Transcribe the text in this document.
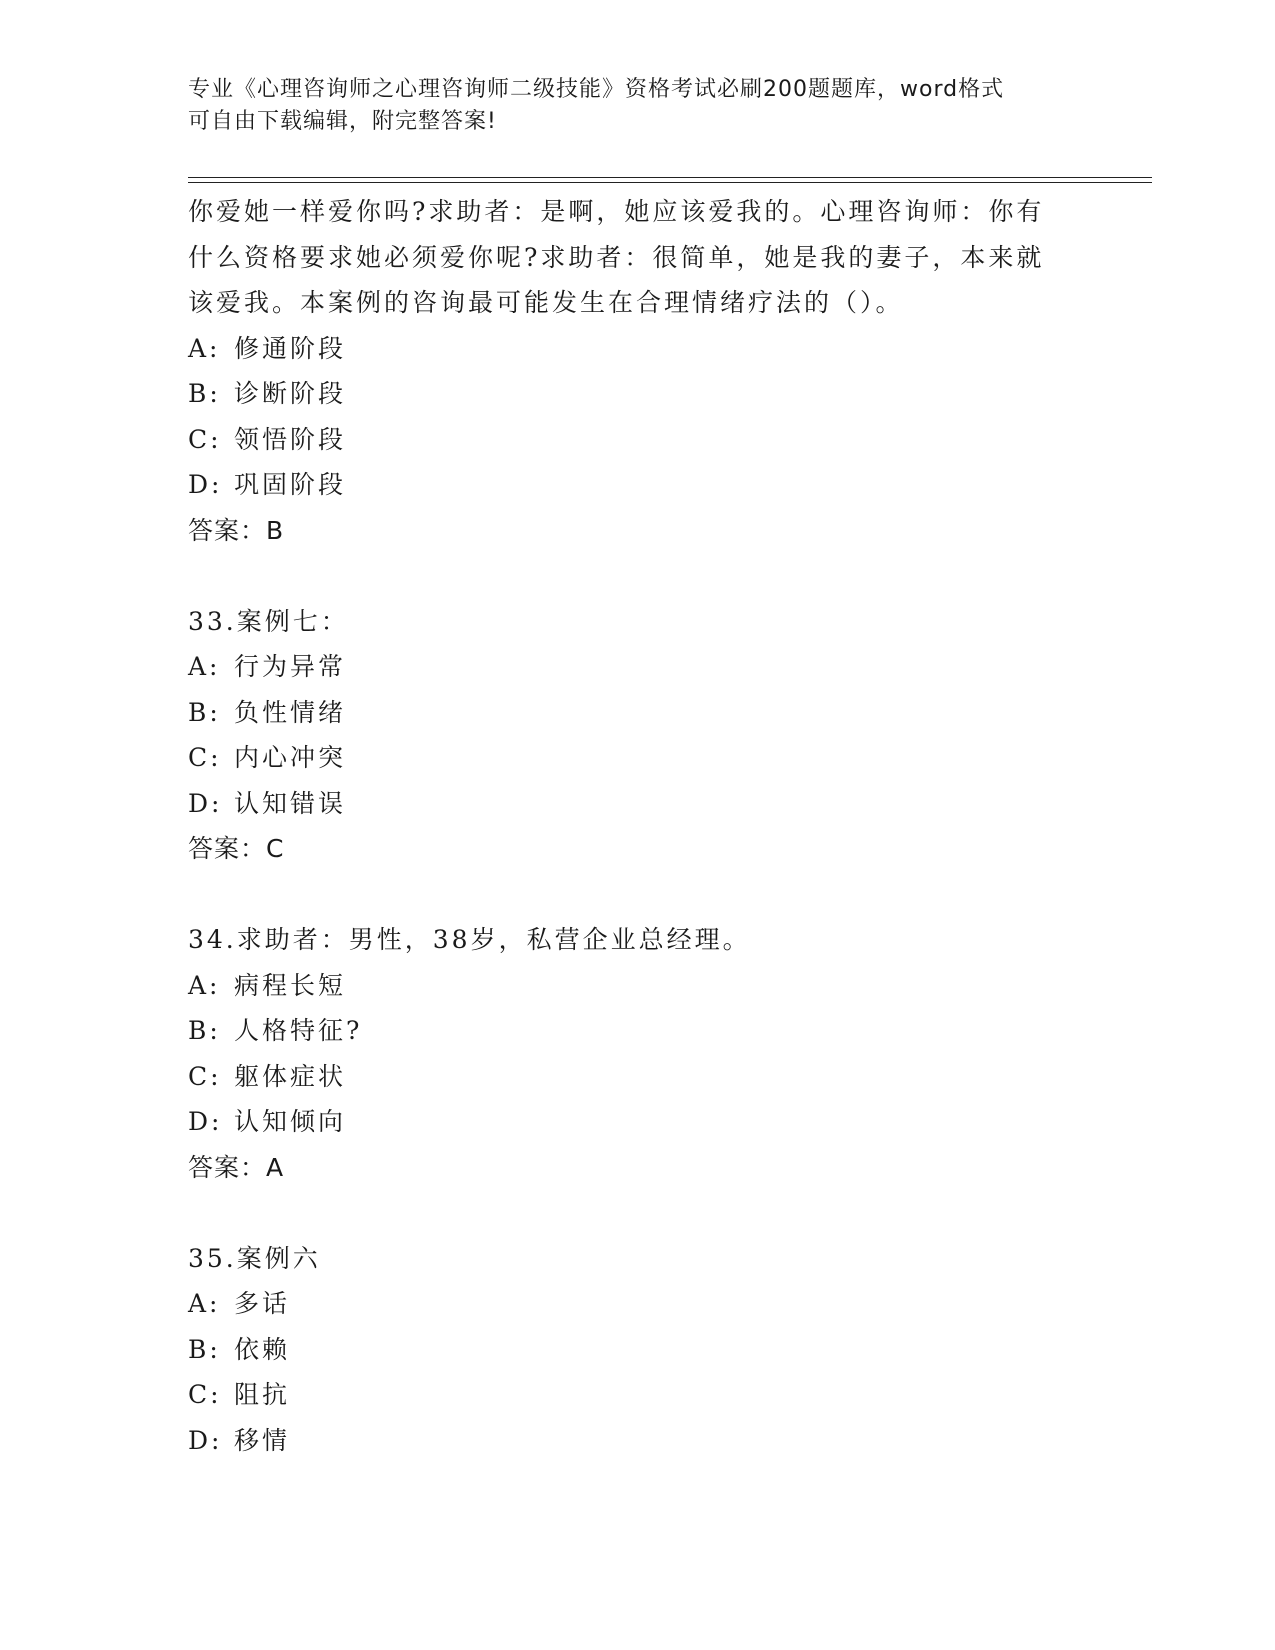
专业《心理咨询师之心理咨询师二级技能》资格考试必刷200题题库，word格式
可自由下载编辑，附完整答案!
你爱她一样爱你吗?求助者：是啊，她应该爱我的。心理咨询师：你有
什么资格要求她必须爱你呢?求助者：很简单，她是我的妻子，本来就
该爱我。本案例的咨询最可能发生在合理情绪疗法的（）。
A: 修通阶段
B: 诊断阶段
C: 领悟阶段
D: 巩固阶段
答案：B
33.案例七：
A: 行为异常
B: 负性情绪
C: 内心冲突
D: 认知错误
答案：C
34.求助者：男性，38岁，私营企业总经理。
A: 病程长短
B: 人格特征?
C: 躯体症状
D: 认知倾向
答案：A
35.案例六
A: 多话
B: 依赖
C: 阻抗
D: 移情
